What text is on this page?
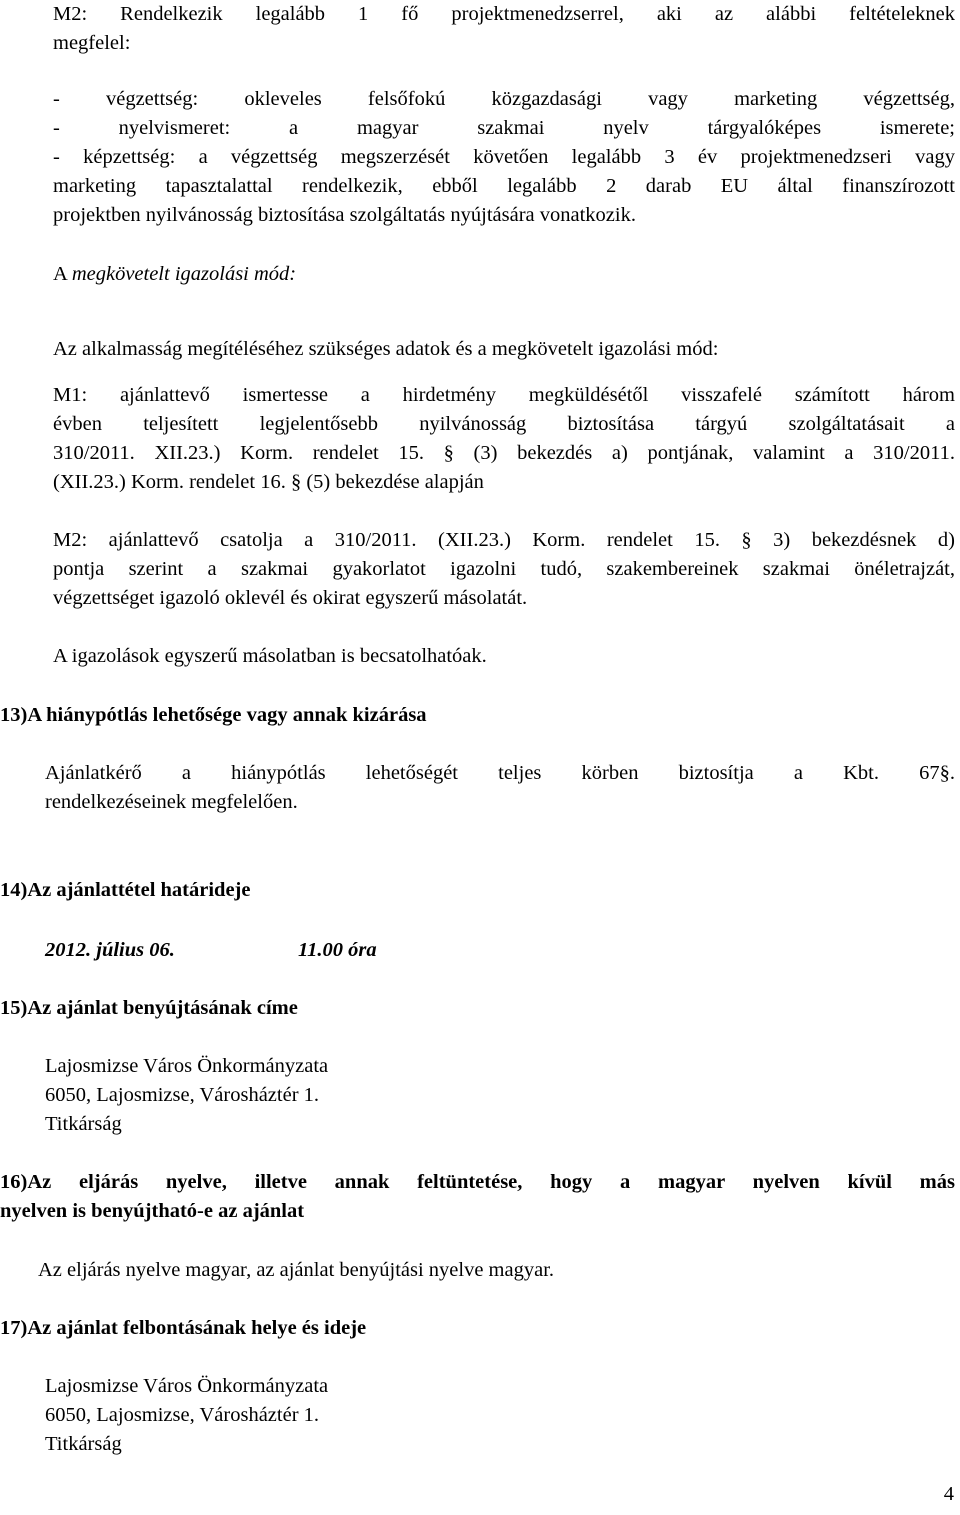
M2: Rendelkezik legalább 1 fő projektmenedzserrel, aki az alábbi feltételeknek
megfelel:
- végzettség: okleveles felsőfokú közgazdasági vagy marketing végzettség,
- nyelvismeret: a magyar szakmai nyelv tárgyalóképes ismerete;
- képzettség: a végzettség megszerzését követően legalább 3 év projektmenedzseri vagy
marketing tapasztalattal rendelkezik, ebből legalább 2 darab EU által finanszírozott
projektben nyilvánosság biztosítása szolgáltatás nyújtására vonatkozik.
A megkövetelt igazolási mód:
Az alkalmasság megítéléséhez szükséges adatok és a megkövetelt igazolási mód:
M1: ajánlattevő ismertesse a hirdetmény megküldésétől visszafelé számított három
évben teljesített legjelentősebb nyilvánosság biztosítása tárgyú szolgáltatásait a
310/2011. XII.23.) Korm. rendelet 15. § (3) bekezdés a) pontjának, valamint a 310/2011.
(XII.23.) Korm. rendelet 16. § (5) bekezdése alapján
M2: ajánlattevő csatolja a 310/2011. (XII.23.) Korm. rendelet 15. § 3) bekezdésnek d)
pontja szerint a szakmai gyakorlatot igazolni tudó, szakembereinek szakmai önéletrajzát,
végzettséget igazoló oklevél és okirat egyszerű másolatát.
A igazolások egyszerű másolatban is becsatolhatóak.
13)A hiánypótlás lehetősége vagy annak kizárása
Ajánlatkérő a hiánypótlás lehetőségét teljes körben biztosítja a Kbt. 67§.
rendelkezéseinek megfelelően.
14)Az ajánlattétel határideje
2012. július 06.	11.00 óra
15)Az ajánlat benyújtásának címe
Lajosmizse Város Önkormányzata
6050, Lajosmizse, Városháztér 1.
Titkárság
16)Az eljárás nyelve, illetve annak feltüntetése, hogy a magyar nyelven kívül más
nyelven is benyújtható-e az ajánlat
Az eljárás nyelve magyar, az ajánlat benyújtási nyelve magyar.
17)Az ajánlat felbontásának helye és ideje
Lajosmizse Város Önkormányzata
6050, Lajosmizse, Városháztér 1.
Titkárság
4
